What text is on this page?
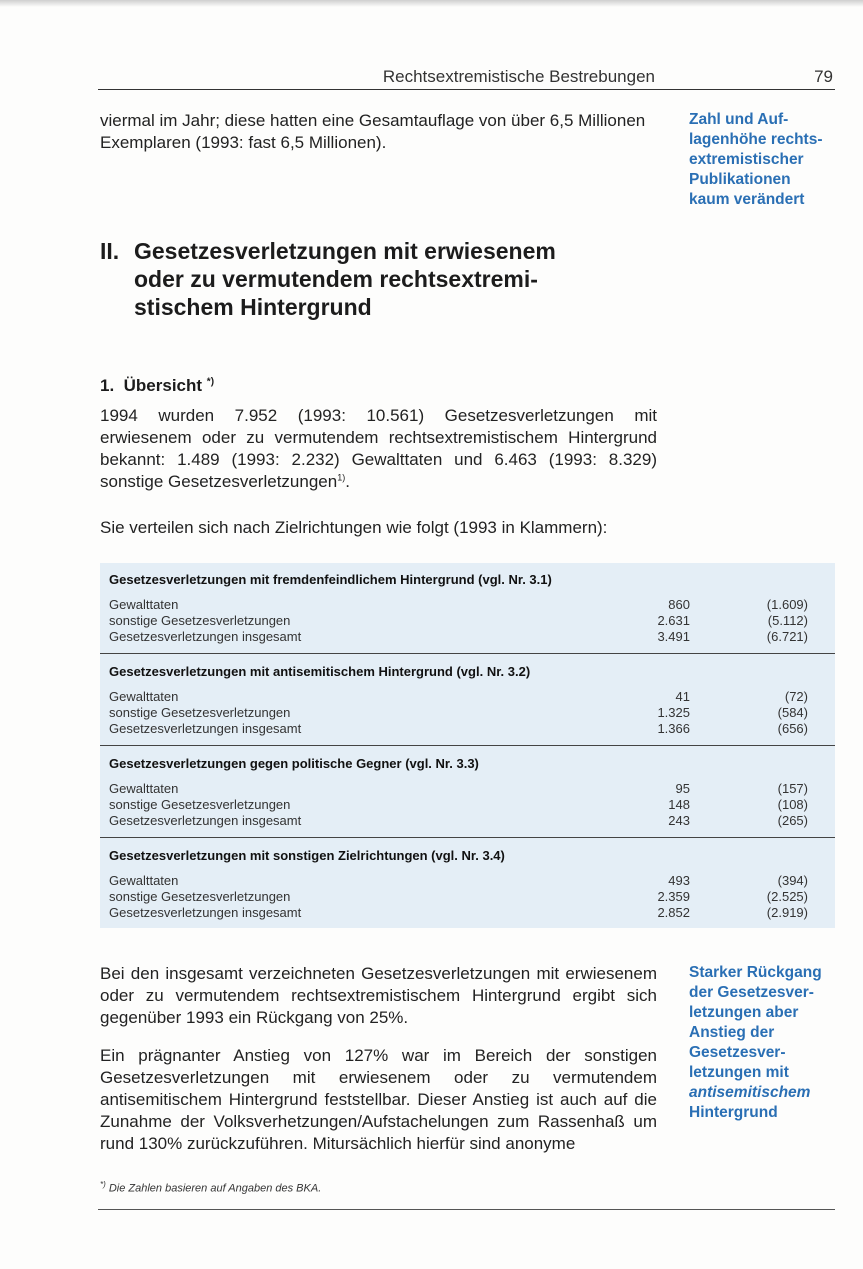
Rechtsextremistische Bestrebungen	79

viermal im Jahr; diese hatten eine Gesamtauflage von über 6,5 Millionen Exemplaren (1993: fast 6,5 Millionen).

Zahl und Auf-
lagenhöhe rechts-
extremistischer
Publikationen
kaum verändert
II. Gesetzesverletzungen mit erwiesenem
oder zu vermutendem rechtsextremi-
stischem Hintergrund

1. Übersicht *)

1994 wurden 7.952 (1993: 10.561) Gesetzesverletzungen mit erwiesenem oder zu vermutendem rechtsextremistischem Hintergrund bekannt: 1.489 (1993: 2.232) Gewalttaten und 6.463 (1993: 8.329) sonstige Gesetzesverletzungen$^{1)}$.

Sie verteilen sich nach Zielrichtungen wie folgt (1993 in Klammern):

Gesetzesverletzungen mit fremdenfeindlichem Hintergrund (vgl. Nr. 3.1)
Gewalttaten	860	(1.609)
sonstige Gesetzesverletzungen	2.631	(5.112)
Gesetzesverletzungen insgesamt	3.491	(6.721)
Gesetzesverletzungen mit antisemitischem Hintergrund (vgl. Nr. 3.2)
Gewalttaten	41	(72)
sonstige Gesetzesverletzungen	1.325	(584)
Gesetzesverletzungen insgesamt	1.366	(656)
Gesetzesverletzungen gegen politische Gegner (vgl. Nr. 3.3)
Gewalttaten	95	(157)
sonstige Gesetzesverletzungen	148	(108)
Gesetzesverletzungen insgesamt	243	(265)
Gesetzesverletzungen mit sonstigen Zielrichtungen (vgl. Nr. 3.4)
Gewalttaten	493	(394)
sonstige Gesetzesverletzungen	2.359	(2.525)
Gesetzesverletzungen insgesamt	2.852	(2.919)

Bei den insgesamt verzeichneten Gesetzesverletzungen mit erwiesenem oder zu vermutendem rechtsextremistischem Hintergrund ergibt sich gegenüber 1993 ein Rückgang von 25%.

Ein prägnanter Anstieg von 127% war im Bereich der sonstigen Gesetzesverletzungen mit erwiesenem oder zu vermutendem antisemitischem Hintergrund feststellbar. Dieser Anstieg ist auch auf die Zunahme der Volksverhetzungen/Aufstachelungen zum Rassenhaß um rund 130% zurückzuführen. Mitursächlich hierfür sind anonyme

Starker Rückgang
der Gesetzesver-
letzungen aber
Anstieg der
Gesetzesver-
letzungen mit
antisemitischem
Hintergrund

*) Die Zahlen basieren auf Angaben des BKA.
